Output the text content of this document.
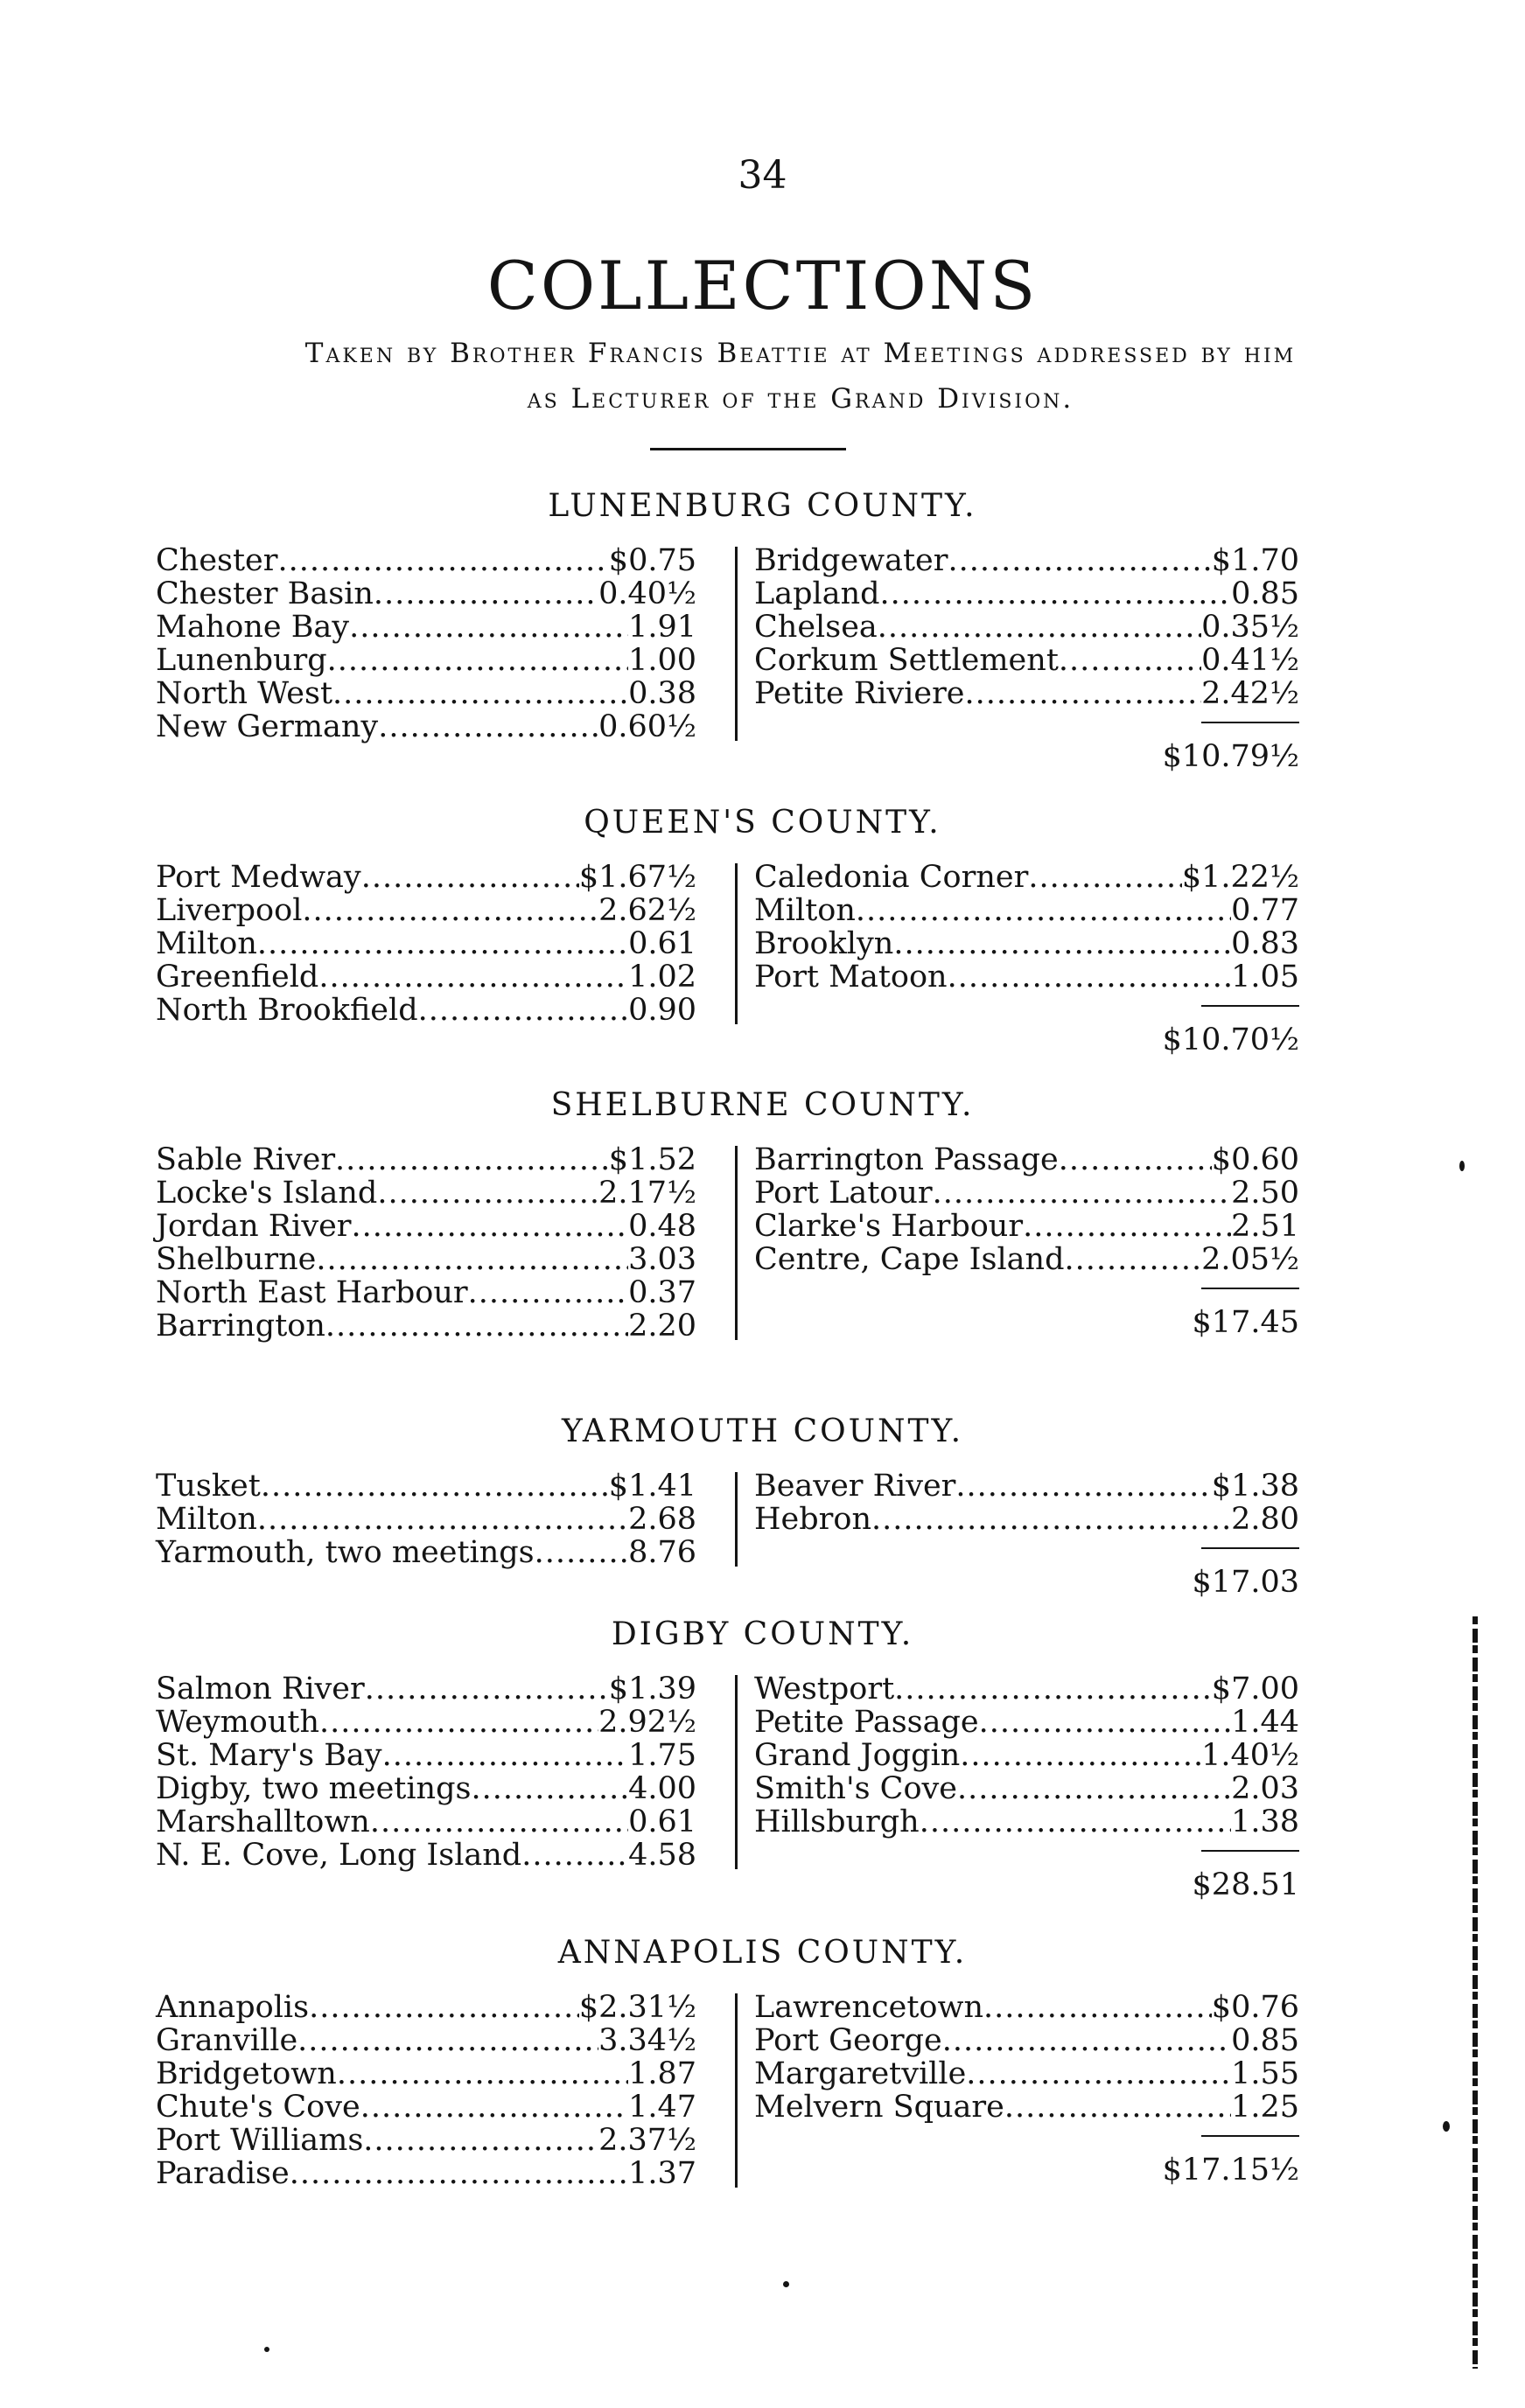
34
COLLECTIONS
Taken by Brother Francis Beattie at Meetings addressed by him
as Lecturer of the Grand Division.
LUNENBURG COUNTY.
Chester .....	$0.75
Chester Basin .....	0.40½
Mahone Bay .....	1.91
Lunenburg .....	1.00
North West .....	0.38
New Germany .....	0.60½
Bridgewater .....	$1.70
Lapland .....	0.85
Chelsea .....	0.35½
Corkum Settlement .....	0.41½
Petite Riviere .....	2.42½
$10.79½
QUEEN'S COUNTY.
Port Medway .....	$1.67½
Liverpool .....	2.62½
Milton .....	0.61
Greenfield .....	1.02
North Brookfield .....	0.90
Caledonia Corner .....	$1.22½
Milton .....	0.77
Brooklyn .....	0.83
Port Matoon .....	1.05
$10.70½
SHELBURNE COUNTY.
Sable River .....	$1.52
Locke's Island .....	2.17½
Jordan River .....	0.48
Shelburne .....	3.03
North East Harbour .....	0.37
Barrington .....	2.20
Barrington Passage .....	$0.60
Port Latour .....	2.50
Clarke's Harbour .....	2.51
Centre, Cape Island .....	2.05½
$17.45
YARMOUTH COUNTY.
Tusket .....	$1.41
Milton .....	2.68
Yarmouth, two meetings .....	8.76
Beaver River .....	$1.38
Hebron .....	2.80
$17.03
DIGBY COUNTY.
Salmon River .....	$1.39
Weymouth .....	2.92½
St. Mary's Bay .....	1.75
Digby, two meetings .....	4.00
Marshalltown .....	0.61
N. E. Cove, Long Island .....	4.58
Westport .....	$7.00
Petite Passage .....	1.44
Grand Joggin .....	1.40½
Smith's Cove .....	2.03
Hillsburgh .....	1.38
$28.51
ANNAPOLIS COUNTY.
Annapolis .....	$2.31½
Granville .....	3.34½
Bridgetown .....	1.87
Chute's Cove .....	1.47
Port Williams .....	2.37½
Paradise .....	1.37
Lawrencetown .....	$0.76
Port George .....	0.85
Margaretville .....	1.55
Melvern Square .....	1.25
$17.15½
